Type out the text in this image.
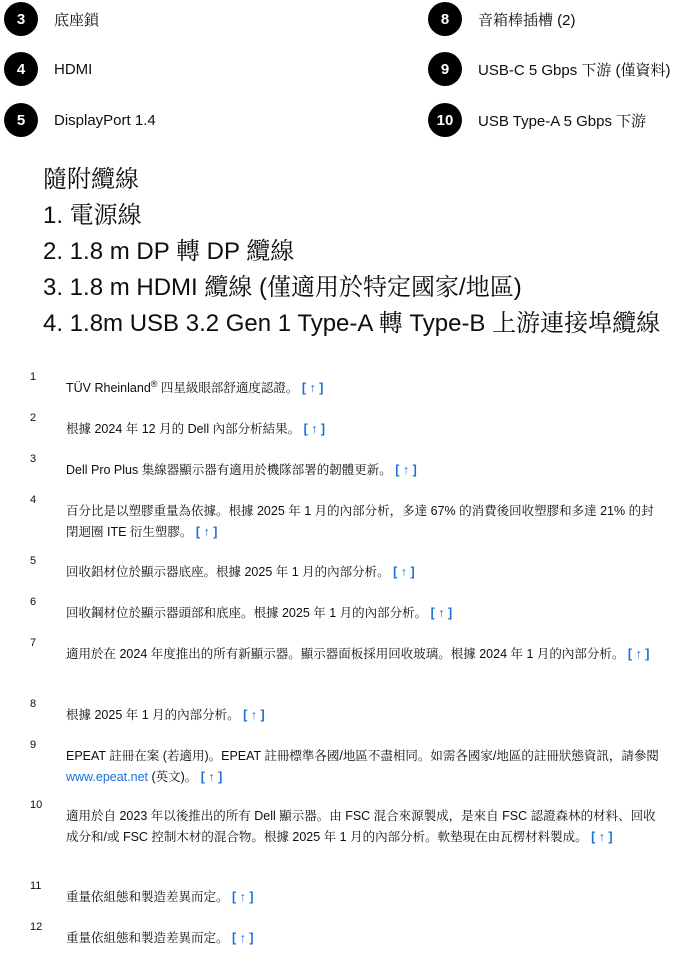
3	底座鎖
4	HDMI
5	DisplayPort 1.4
8	音箱棒插槽 (2)
9	USB-C 5 Gbps 下游 (僅資料)
10	USB Type-A 5 Gbps 下游
隨附纜線
1. 電源線
2. 1.8 m DP 轉 DP 纜線
3. 1.8 m HDMI 纜線 (僅適用於特定國家/地區)
4. 1.8m USB 3.2 Gen 1 Type-A 轉 Type-B 上游連接埠纜線
1
TÜV Rheinland® 四星級眼部舒適度認證。 [ ↑ ]
2
根據 2024 年 12 月的 Dell 內部分析結果。 [ ↑ ]
3
Dell Pro Plus 集線器顯示器有適用於機隊部署的韌體更新。 [ ↑ ]
4
百分比是以塑膠重量為依據。根據 2025 年 1 月的內部分析，多達 67% 的消費後回收塑膠和多達 21% 的封閉迴圈 ITE 衍生塑膠。 [ ↑ ]
5
回收鋁材位於顯示器底座。根據 2025 年 1 月的內部分析。 [ ↑ ]
6
回收鋼材位於顯示器頭部和底座。根據 2025 年 1 月的內部分析。 [ ↑ ]
7
適用於在 2024 年度推出的所有新顯示器。顯示器面板採用回收玻璃。根據 2024 年 1 月的內部分析。 [ ↑ ]
8
根據 2025 年 1 月的內部分析。 [ ↑ ]
9
EPEAT 註冊在案 (若適用)。EPEAT 註冊標準各國/地區不盡相同。如需各國家/地區的註冊狀態資訊，請參閱 www.epeat.net (英文)。 [ ↑ ]
10
適用於自 2023 年以後推出的所有 Dell 顯示器。由 FSC 混合來源製成，是來自 FSC 認證森林的材料、回收成分和/或 FSC 控制木材的混合物。根據 2025 年 1 月的內部分析。軟墊現在由瓦楞材料製成。 [ ↑ ]
11
重量依組態和製造差異而定。 [ ↑ ]
12
重量依組態和製造差異而定。 [ ↑ ]
